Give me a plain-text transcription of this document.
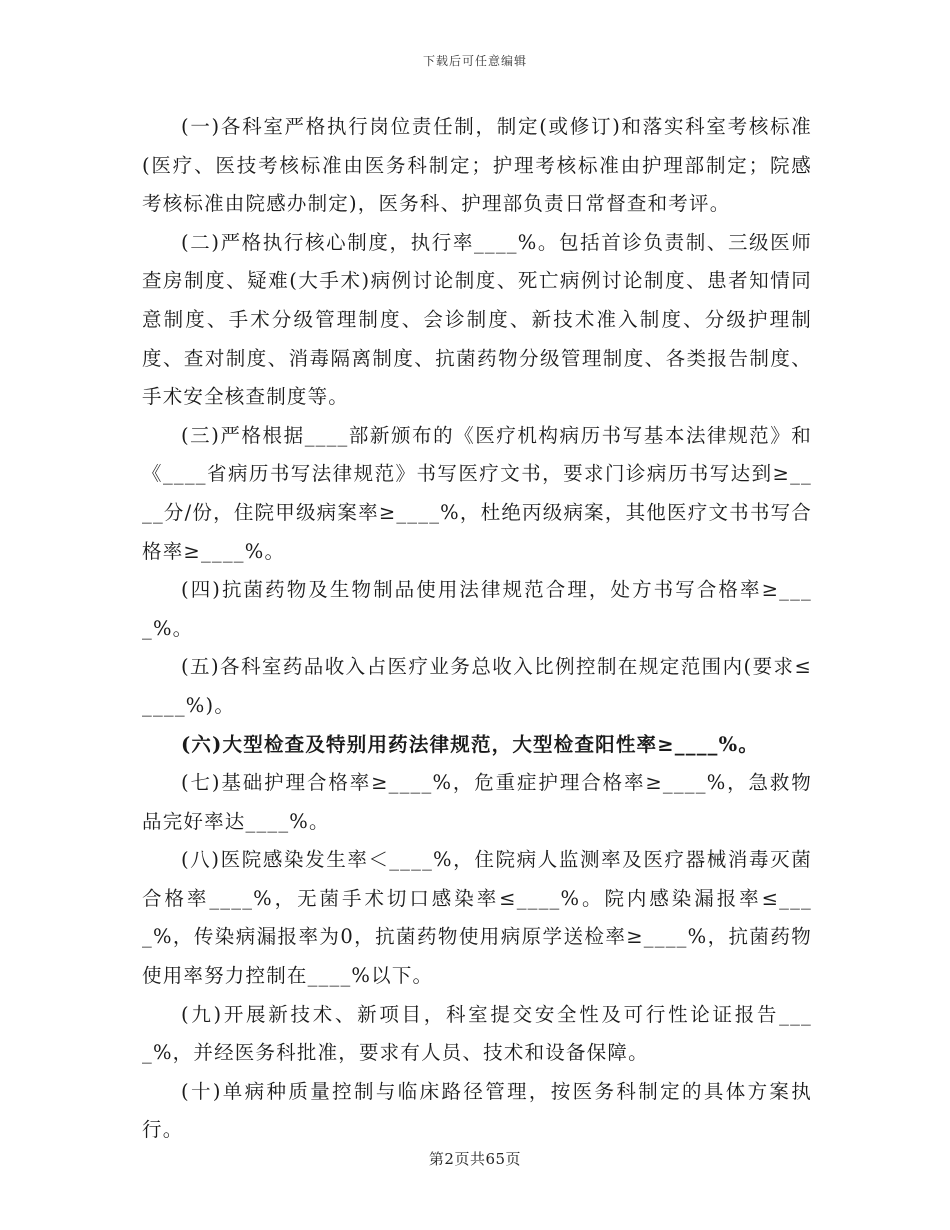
下载后可任意编辑

(一)各科室严格执行岗位责任制，制定(或修订)和落实科室考核标准(医疗、医技考核标准由医务科制定；护理考核标准由护理部制定；院感考核标准由院感办制定)，医务科、护理部负责日常督查和考评。

(二)严格执行核心制度，执行率____%。包括首诊负责制、三级医师查房制度、疑难(大手术)病例讨论制度、死亡病例讨论制度、患者知情同意制度、手术分级管理制度、会诊制度、新技术准入制度、分级护理制度、查对制度、消毒隔离制度、抗菌药物分级管理制度、各类报告制度、手术安全核查制度等。

(三)严格根据____部新颁布的《医疗机构病历书写基本法律规范》和《____省病历书写法律规范》书写医疗文书，要求门诊病历书写达到≥____分/份，住院甲级病案率≥____%，杜绝丙级病案，其他医疗文书书写合格率≥____%。

(四)抗菌药物及生物制品使用法律规范合理，处方书写合格率≥____%。

(五)各科室药品收入占医疗业务总收入比例控制在规定范围内(要求≤____%)。

(六)大型检查及特别用药法律规范，大型检查阳性率≥____%。

(七)基础护理合格率≥____%，危重症护理合格率≥____%，急救物品完好率达____%。

(八)医院感染发生率＜____%，住院病人监测率及医疗器械消毒灭菌合格率____%，无菌手术切口感染率≤____%。院内感染漏报率≤____%，传染病漏报率为0，抗菌药物使用病原学送检率≥____%，抗菌药物使用率努力控制在____%以下。

(九)开展新技术、新项目，科室提交安全性及可行性论证报告____%，并经医务科批准，要求有人员、技术和设备保障。

(十)单病种质量控制与临床路径管理，按医务科制定的具体方案执行。

第2页共65页
